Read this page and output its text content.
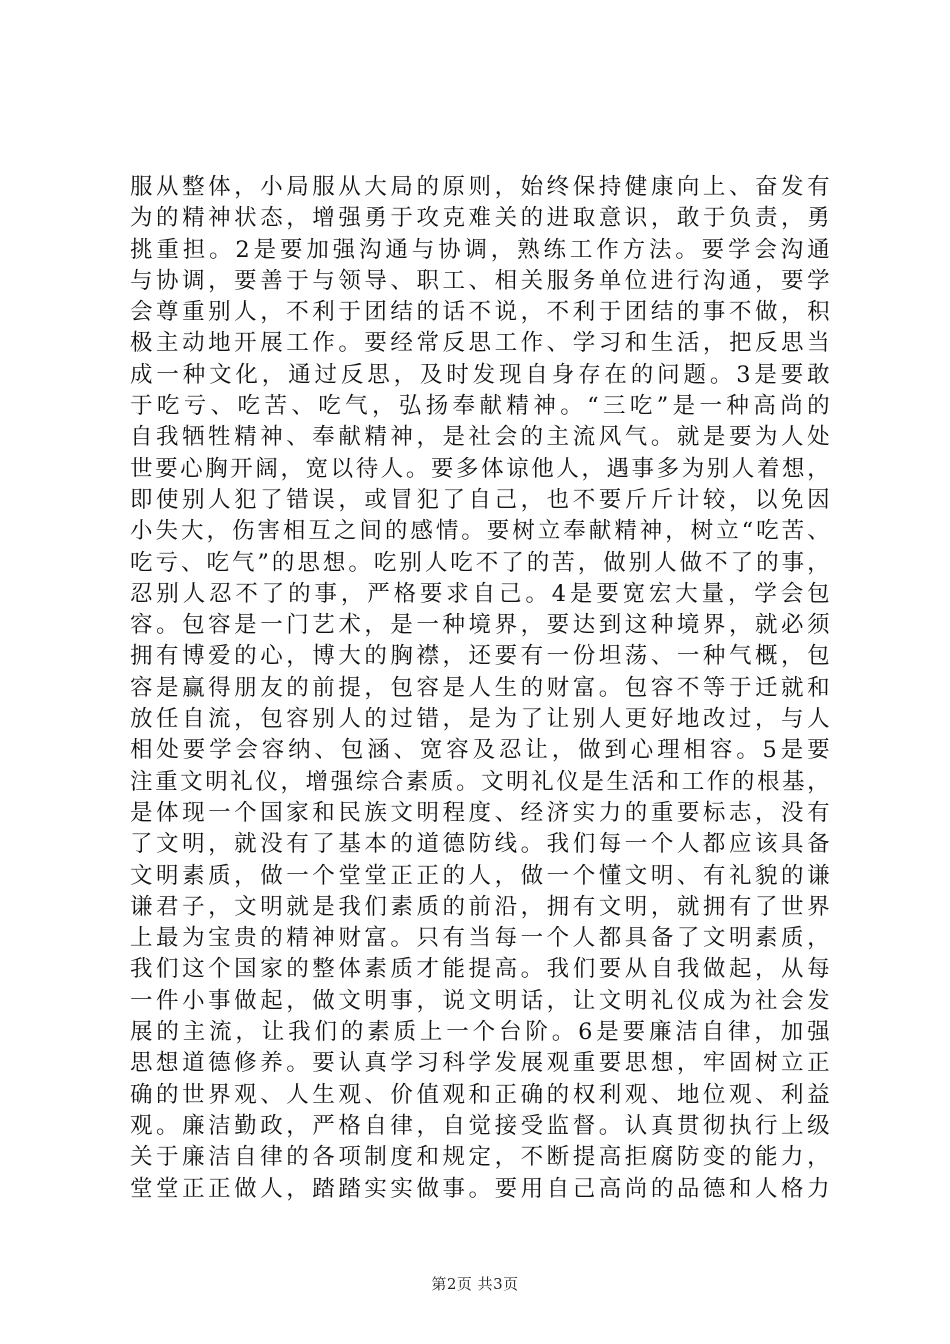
服从整体，小局服从大局的原则，始终保持健康向上、奋发有
为的精神状态，增强勇于攻克难关的进取意识，敢于负责，勇
挑重担。2是要加强沟通与协调，熟练工作方法。要学会沟通
与协调，要善于与领导、职工、相关服务单位进行沟通，要学
会尊重别人，不利于团结的话不说，不利于团结的事不做，积
极主动地开展工作。要经常反思工作、学习和生活，把反思当
成一种文化，通过反思，及时发现自身存在的问题。3是要敢
于吃亏、吃苦、吃气，弘扬奉献精神。“三吃”是一种高尚的
自我牺牲精神、奉献精神，是社会的主流风气。就是要为人处
世要心胸开阔，宽以待人。要多体谅他人，遇事多为别人着想，
即使别人犯了错误，或冒犯了自己，也不要斤斤计较，以免因
小失大，伤害相互之间的感情。要树立奉献精神，树立“吃苦、
吃亏、吃气”的思想。吃别人吃不了的苦，做别人做不了的事，
忍别人忍不了的事，严格要求自己。4是要宽宏大量，学会包
容。包容是一门艺术，是一种境界，要达到这种境界，就必须
拥有博爱的心，博大的胸襟，还要有一份坦荡、一种气概，包
容是赢得朋友的前提，包容是人生的财富。包容不等于迁就和
放任自流，包容别人的过错，是为了让别人更好地改过，与人
相处要学会容纳、包涵、宽容及忍让，做到心理相容。5是要
注重文明礼仪，增强综合素质。文明礼仪是生活和工作的根基，
是体现一个国家和民族文明程度、经济实力的重要标志，没有
了文明，就没有了基本的道德防线。我们每一个人都应该具备
文明素质，做一个堂堂正正的人，做一个懂文明、有礼貌的谦
谦君子，文明就是我们素质的前沿，拥有文明，就拥有了世界
上最为宝贵的精神财富。只有当每一个人都具备了文明素质，
我们这个国家的整体素质才能提高。我们要从自我做起，从每
一件小事做起，做文明事，说文明话，让文明礼仪成为社会发
展的主流，让我们的素质上一个台阶。6是要廉洁自律，加强
思想道德修养。要认真学习科学发展观重要思想，牢固树立正
确的世界观、人生观、价值观和正确的权利观、地位观、利益
观。廉洁勤政，严格自律，自觉接受监督。认真贯彻执行上级
关于廉洁自律的各项制度和规定，不断提高拒腐防变的能力，
堂堂正正做人，踏踏实实做事。要用自己高尚的品德和人格力
第2页 共3页
